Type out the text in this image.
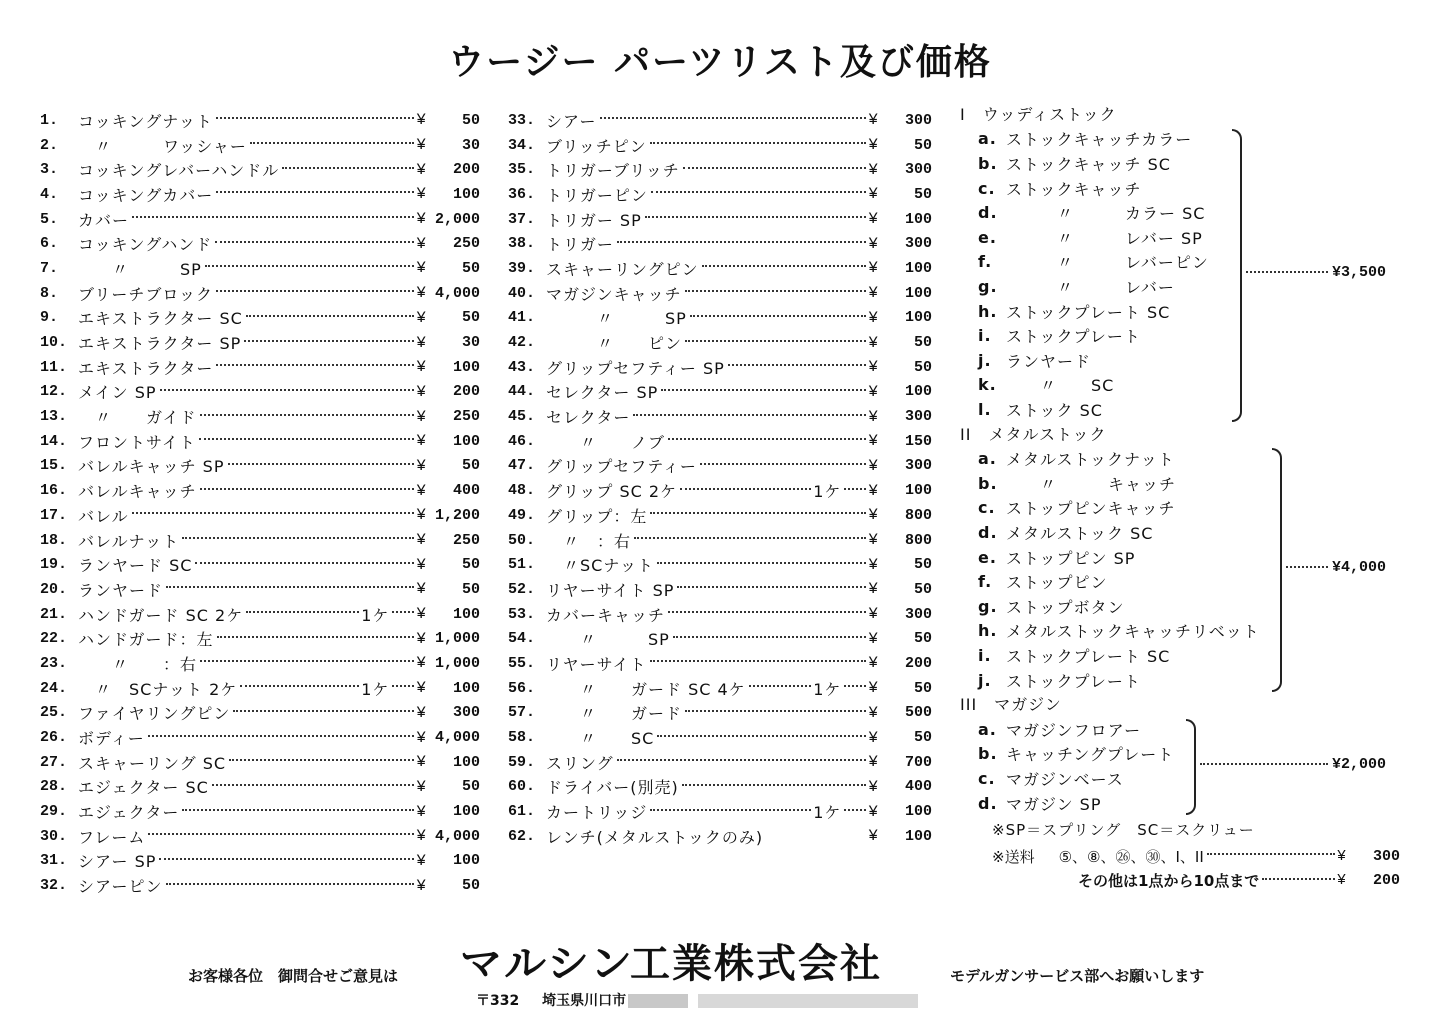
ウージー パーツリスト及び価格
1.	コッキングナット	¥	50
2.	　〃　　　ワッシャー	¥	30
3.	コッキングレバーハンドル	¥	200
4.	コッキングカバー	¥	100
5.	カバー	¥ 2,000
6.	コッキングハンド	¥	250
7.	　　〃　　　SP	¥	50
8.	ブリーチブロック	¥ 4,000
9.	エキストラクター SC	¥	50
10. エキストラクター SP	¥	30
11. エキストラクター	¥	100
12. メイン SP	¥	200
13. 　〃　　ガイド	¥	250
14. フロントサイト	¥	100
15. バレルキャッチ SP	¥	50
16. バレルキャッチ	¥	400
17. バレル	¥ 1,200
18. バレルナット	¥	250
19. ランヤード SC	¥	50
20. ランヤード	¥	50
21. ハンドガード SC 2ケ	1ケ ¥	100
22. ハンドガード：左	¥ 1,000
23. 　　〃　　：右	¥ 1,000
24. 　〃　SCナット 2ケ	1ケ ¥	100
25. ファイヤリングピン	¥	300
26. ボディー	¥ 4,000
27. スキャーリング SC	¥	100
28. エジェクター SC	¥	50
29. エジェクター	¥	100
30. フレーム	¥ 4,000
31. シアー SP	¥	100
32. シアーピン	¥	50
33. シアー	¥	300
34. ブリッチピン	¥	50
35. トリガーブリッチ	¥	300
36. トリガーピン	¥	50
37. トリガー SP	¥	100
38. トリガー	¥	300
39. スキャーリングピン	¥	100
40. マガジンキャッチ	¥	100
41. 　　　〃　　　SP	¥	100
42. 　　　〃　　ピン	¥	50
43. グリップセフティー SP	¥	50
44. セレクター SP	¥	100
45. セレクター	¥	300
46. 　　〃　　ノブ	¥	150
47. グリップセフティー	¥	300
48. グリップ SC 2ケ	1ケ ¥	100
49. グリップ：左	¥	800
50. 　〃　：右	¥	800
51. 　〃SCナット	¥	50
52. リヤーサイト SP	¥	50
53. カバーキャッチ	¥	300
54. 　　〃　　　SP	¥	50
55. リヤーサイト	¥	200
56. 　　〃　　ガード SC 4ケ	1ケ ¥	50
57. 　　〃　　ガード	¥	500
58. 　　〃　　SC	¥	50
59. スリング	¥	700
60. ドライバー(別売)	¥	400
61. カートリッジ	1ケ ¥	100
62. レンチ(メタルストックのみ)	¥	100
I　ウッディストック
a. ストックキャッチカラー
b. ストックキャッチ SC
c. ストックキャッチ
d. 　　　〃　　　カラー SC
e. 　　　〃　　　レバー SP
f. 　　　〃　　　レバーピン
g. 　　　〃　　　レバー
h. ストックプレート SC
i. ストックプレート
j. ランヤード
k. 　　〃　　SC
l. ストック SC
¥3,500
II　メタルストック
a. メタルストックナット
b. 　　〃　　　キャッチ
c. ストップピンキャッチ
d. メタルストック SC
e. ストップピン SP
f. ストップピン
g. ストップボタン
h. メタルストックキャッチリベット
i. ストックプレート SC
j. ストックプレート
¥4,000
III　マガジン
a. マガジンフロアー
b. キャッチングプレート
c. マガジンベース
d. マガジン SP
¥2,000
※SP＝スプリング　SC＝スクリュー
※送料 ⑤、⑧、㉖、㉚、I、II	¥	300
その他は1点から10点まで	¥	200
お客様各位　御問合せご意見は マルシン工業株式会社	モデルガンサービス部へお願いします
〒332 埼玉県川口市
